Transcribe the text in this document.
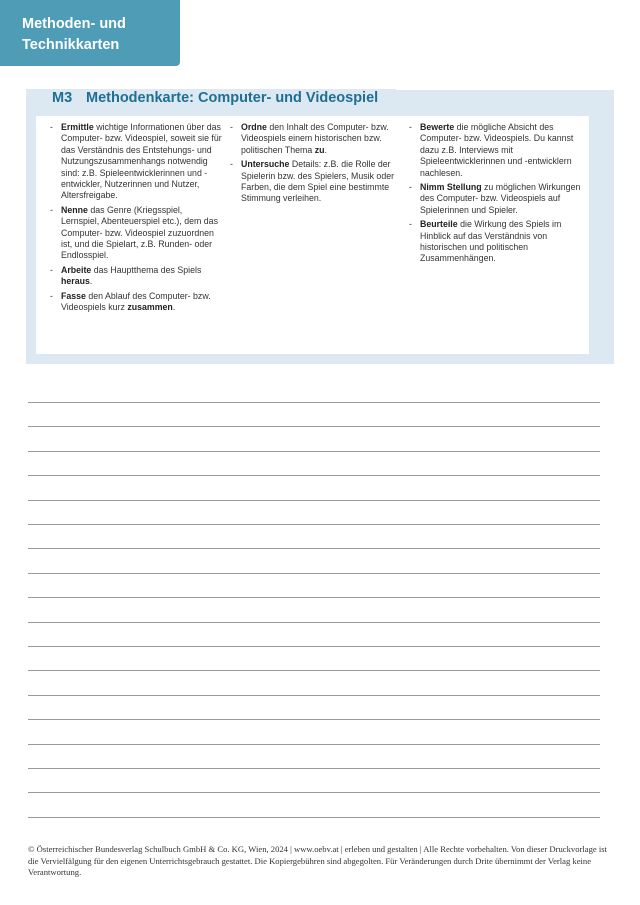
Methoden- und
Technikkarten
M3 Methodenkarte: Computer- und Videospiel
- Ermittle wichtige Informationen über das Computer- bzw. Videospiel, soweit sie für das Verständnis des Entstehungs- und Nutzungszusammenhangs notwendig sind: z.B. Spieleentwicklerinnen und -entwickler, Nutzerinnen und Nutzer, Altersfreigabe.
- Nenne das Genre (Kriegsspiel, Lernspiel, Abenteuerspiel etc.), dem das Computer- bzw. Videospiel zuzuordnen ist, und die Spielart, z.B. Runden- oder Endlosspiel.
- Arbeite das Hauptthema des Spiels heraus.
- Fasse den Ablauf des Computer- bzw. Videospiels kurz zusammen.
- Ordne den Inhalt des Computer- bzw. Videospiels einem historischen bzw. politischen Thema zu.
- Untersuche Details: z.B. die Rolle der Spielerin bzw. des Spielers, Musik oder Farben, die dem Spiel eine bestimmte Stimmung verleihen.
- Bewerte die mögliche Absicht des Computer- bzw. Videospiels. Du kannst dazu z.B. Interviews mit Spieleentwicklerinnen und -entwicklern nachlesen.
- Nimm Stellung zu möglichen Wirkungen des Computer- bzw. Videospiels auf Spielerinnen und Spieler.
- Beurteile die Wirkung des Spiels im Hinblick auf das Verständnis von historischen und politischen Zusammenhängen.
© Österreichischer Bundesverlag Schulbuch GmbH & Co. KG, Wien, 2024 | www.oebv.at | erleben und gestalten | Alle Rechte vorbehalten. Von dieser Druckvorlage ist die Vervielfälgung für den eigenen Unterrichtsgebrauch gestattet. Die Kopiergebühren sind abgegolten. Für Veränderungen durch Drite übernimmt der Verlag keine Verantwortung.
